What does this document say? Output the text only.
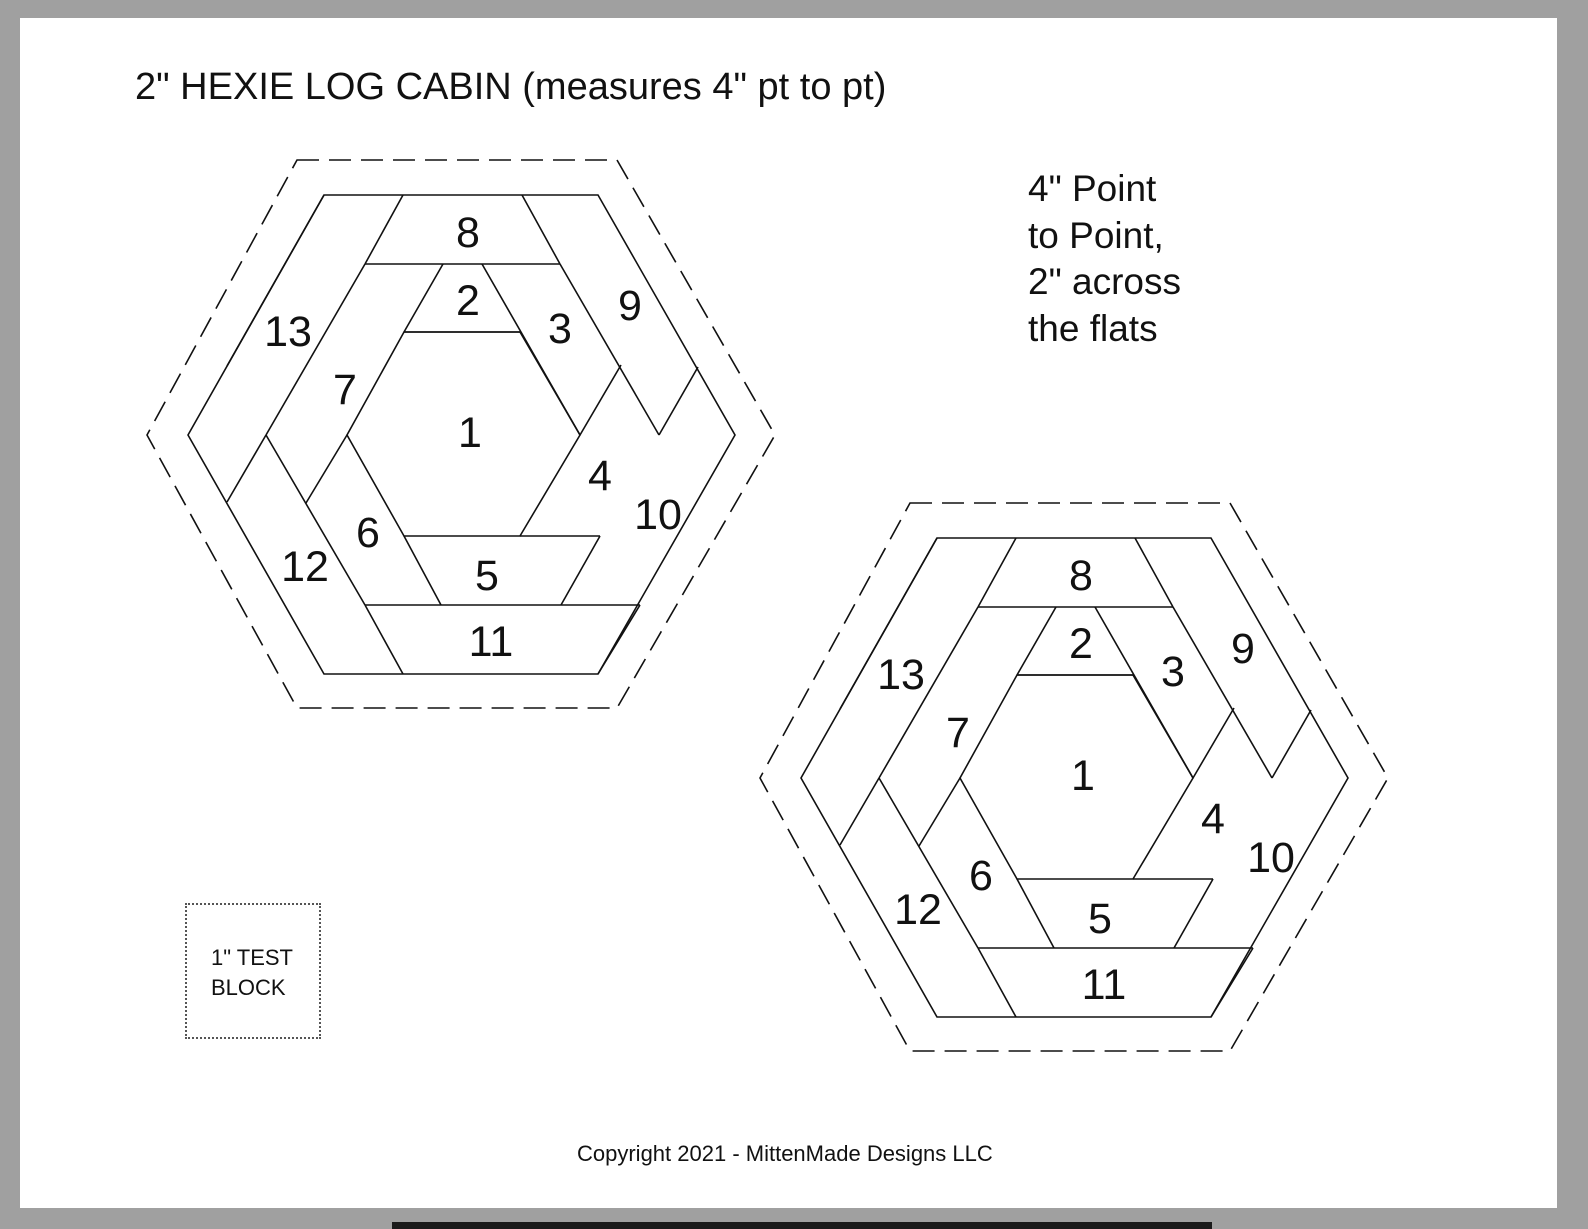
2" HEXIE LOG CABIN (measures 4" pt to pt)
4" Point
to Point,
2" across
the flats
1" TEST
BLOCK
Copyright 2021 - MittenMade Designs LLC
1
2
3
4
5
6
7
8
9
10
11
12
13
1
2
3
4
5
6
7
8
9
10
11
12
13
